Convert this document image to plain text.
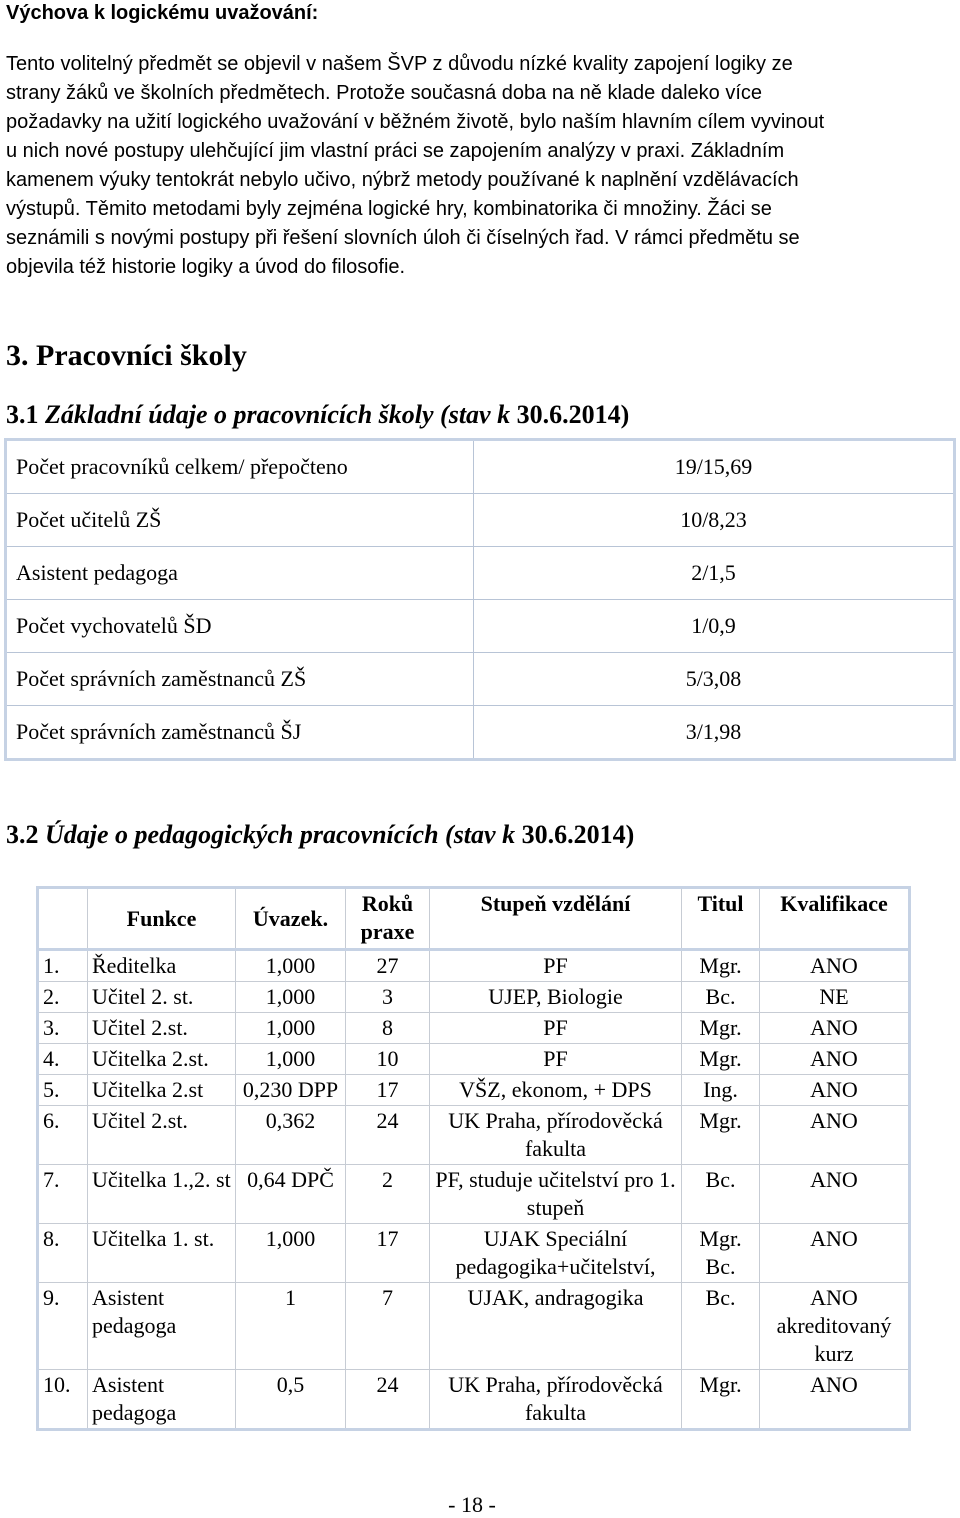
Výchova k logickému uvažování:
Tento volitelný předmět se objevil v našem ŠVP z důvodu nízké kvality zapojení logiky ze
strany žáků ve školních předmětech. Protože současná doba na ně klade daleko více
požadavky na užití logického uvažování v běžném životě, bylo naším hlavním cílem vyvinout
u nich nové postupy ulehčující jim vlastní práci se zapojením analýzy v praxi. Základním
kamenem výuky tentokrát nebylo učivo, nýbrž metody používané k naplnění vzdělávacích
výstupů. Těmito metodami byly zejména logické hry, kombinatorika či množiny. Žáci se
seznámili s novými postupy při řešení slovních úloh či číselných řad. V rámci předmětu se
objevila též historie logiky a úvod do filosofie.
3. Pracovníci školy
3.1 Základní údaje o pracovnících školy (stav k 30.6.2014)
Počet pracovníků celkem/ přepočteno	19/15,69
Počet učitelů ZŠ	10/8,23
Asistent pedagoga	2/1,5
Počet vychovatelů ŠD	1/0,9
Počet správních zaměstnanců ZŠ	5/3,08
Počet správních zaměstnanců ŠJ	3/1,98
3.2 Údaje o pedagogických pracovnících (stav k 30.6.2014)
	Funkce	Úvazek.	Roků praxe	Stupeň vzdělání	Titul	Kvalifikace
1.	Ředitelka	1,000	27	PF	Mgr.	ANO
2.	Učitel 2. st.	1,000	3	UJEP, Biologie	Bc.	NE
3.	Učitel 2.st.	1,000	8	PF	Mgr.	ANO
4.	Učitelka 2.st.	1,000	10	PF	Mgr.	ANO
5.	Učitelka 2.st	0,230 DPP	17	VŠZ, ekonom, + DPS	Ing.	ANO
6.	Učitel 2.st.	0,362	24	UK Praha, přírodověcká fakulta	Mgr.	ANO
7.	Učitelka 1.,2. st	0,64 DPČ	2	PF, studuje učitelství pro 1. stupeň	Bc.	ANO
8.	Učitelka 1. st.	1,000	17	UJAK Speciální pedagogika+učitelství,	Mgr. Bc.	ANO
9.	Asistent pedagoga	1	7	UJAK, andragogika	Bc.	ANO akreditovaný kurz
10.	Asistent pedagoga	0,5	24	UK Praha, přírodověcká fakulta	Mgr.	ANO
- 18 -
